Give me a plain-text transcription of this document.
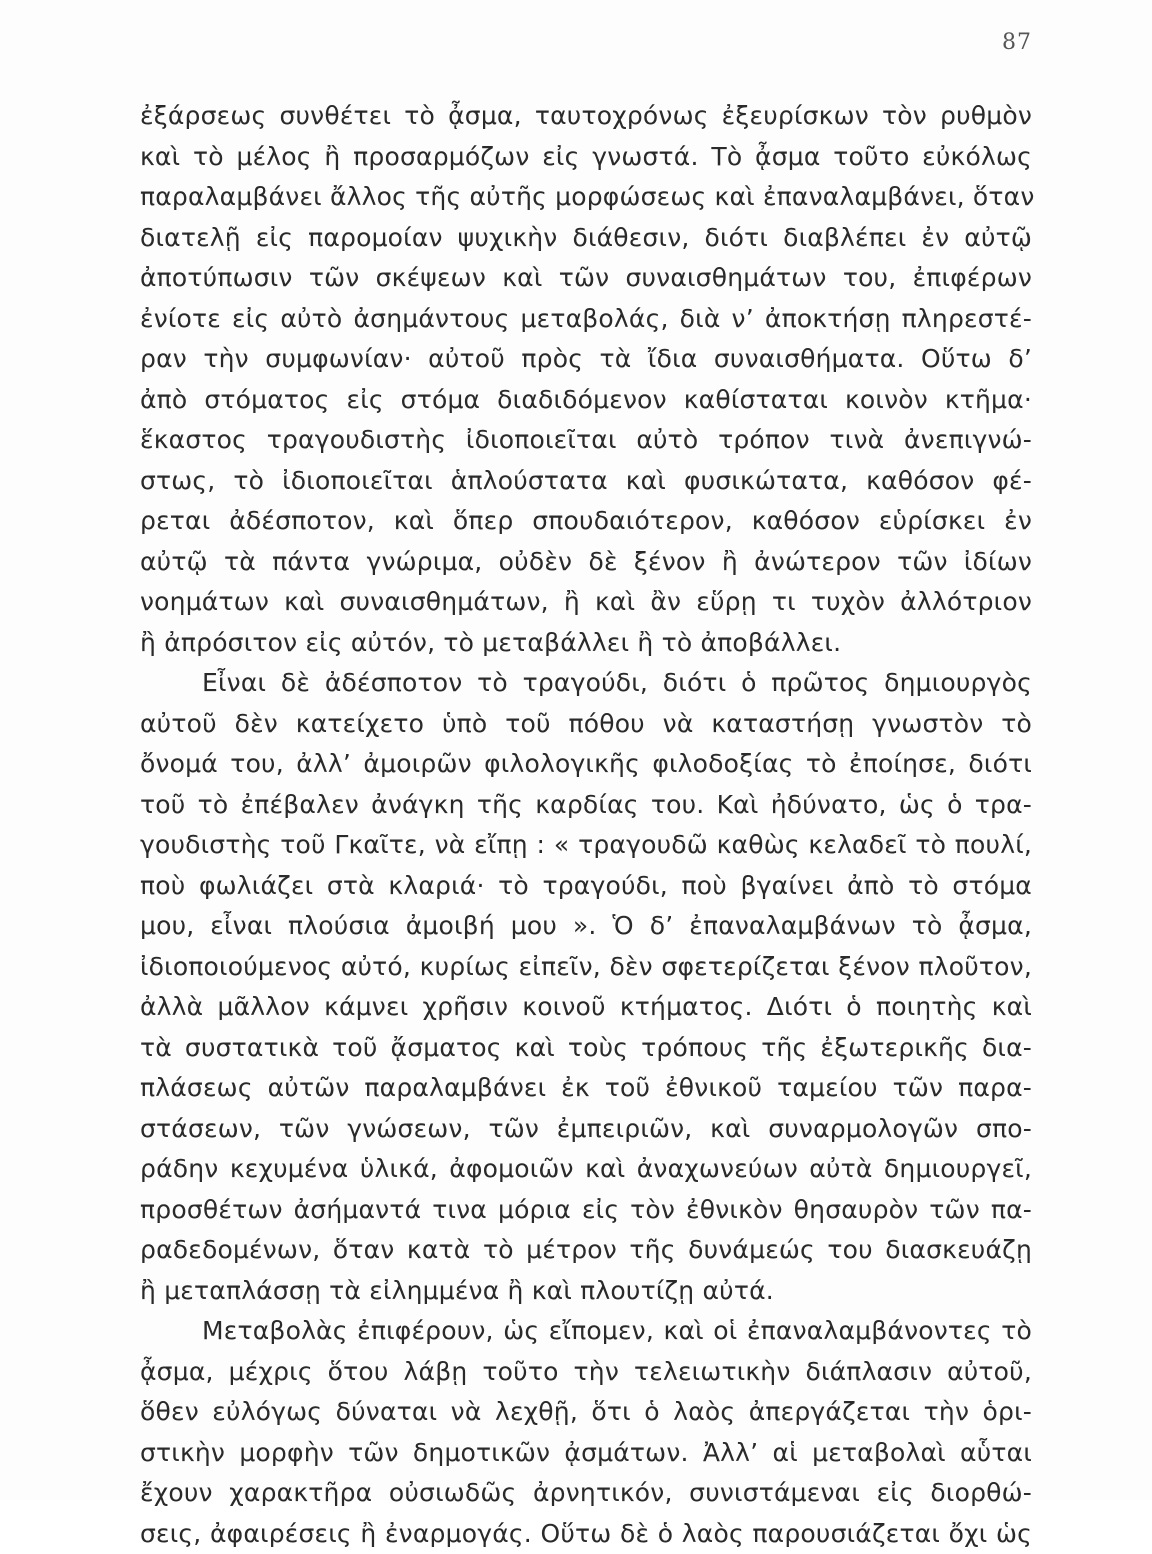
87
ἐξάρσεως συνθέτει τὸ ᾆσμα, ταυτοχρόνως ἐξευρίσκων τὸν ρυθμὸν
καὶ τὸ μέλος ἢ προσαρμόζων εἰς γνωστά. Τὸ ᾆσμα τοῦτο εὐκόλως
παραλαμβάνει ἄλλος τῆς αὐτῆς μορφώσεως καὶ ἐπαναλαμβάνει, ὅταν
διατελῇ εἰς παρομοίαν ψυχικὴν διάθεσιν, διότι διαβλέπει ἐν αὐτῷ
ἀποτύπωσιν τῶν σκέψεων καὶ τῶν συναισθημάτων του, ἐπιφέρων
ἐνίοτε εἰς αὐτὸ ἀσημάντους μεταβολάς, διὰ ν’ ἀποκτήσῃ πληρεστέ-
ραν τὴν συμφωνίαν· αὐτοῦ πρὸς τὰ ἴδια συναισθήματα. Οὕτω δ’
ἀπὸ στόματος εἰς στόμα διαδιδόμενον καθίσταται κοινὸν κτῆμα·
ἕκαστος τραγουδιστὴς ἰδιοποιεῖται αὐτὸ τρόπον τινὰ ἀνεπιγνώ-
στως, τὸ ἰδιοποιεῖται ἁπλούστατα καὶ φυσικώτατα, καθόσον φέ-
ρεται ἀδέσποτον, καὶ ὅπερ σπουδαιότερον, καθόσον εὑρίσκει ἐν
αὐτῷ τὰ πάντα γνώριμα, οὐδὲν δὲ ξένον ἢ ἀνώτερον τῶν ἰδίων
νοημάτων καὶ συναισθημάτων, ἢ καὶ ἂν εὕρῃ τι τυχὸν ἀλλότριον
ἢ ἀπρόσιτον εἰς αὐτόν, τὸ μεταβάλλει ἢ τὸ ἀποβάλλει.
Εἶναι δὲ ἀδέσποτον τὸ τραγούδι, διότι ὁ πρῶτος δημιουργὸς
αὐτοῦ δὲν κατείχετο ὑπὸ τοῦ πόθου νὰ καταστήσῃ γνωστὸν τὸ
ὄνομά του, ἀλλ’ ἀμοιρῶν φιλολογικῆς φιλοδοξίας τὸ ἐποίησε, διότι
τοῦ τὸ ἐπέβαλεν ἀνάγκη τῆς καρδίας του. Καὶ ἠδύνατο, ὡς ὁ τρα-
γουδιστὴς τοῦ Γκαῖτε, νὰ εἴπῃ : « τραγουδῶ καθὼς κελαδεῖ τὸ πουλί,
ποὺ φωλιάζει στὰ κλαριά· τὸ τραγούδι, ποὺ βγαίνει ἀπὸ τὸ στόμα
μου, εἶναι πλούσια ἀμοιβή μου ». Ὁ δ’ ἐπαναλαμβάνων τὸ ᾆσμα,
ἰδιοποιούμενος αὐτό, κυρίως εἰπεῖν, δὲν σφετερίζεται ξένον πλοῦτον,
ἀλλὰ μᾶλλον κάμνει χρῆσιν κοινοῦ κτήματος. Διότι ὁ ποιητὴς καὶ
τὰ συστατικὰ τοῦ ᾄσματος καὶ τοὺς τρόπους τῆς ἐξωτερικῆς δια-
πλάσεως αὐτῶν παραλαμβάνει ἐκ τοῦ ἐθνικοῦ ταμείου τῶν παρα-
στάσεων, τῶν γνώσεων, τῶν ἐμπειριῶν, καὶ συναρμολογῶν σπο-
ράδην κεχυμένα ὑλικά, ἀφομοιῶν καὶ ἀναχωνεύων αὐτὰ δημιουργεῖ,
προσθέτων ἀσήμαντά τινα μόρια εἰς τὸν ἐθνικὸν θησαυρὸν τῶν πα-
ραδεδομένων, ὅταν κατὰ τὸ μέτρον τῆς δυνάμεώς του διασκευάζῃ
ἢ μεταπλάσσῃ τὰ εἰλημμένα ἢ καὶ πλουτίζῃ αὐτά.
Μεταβολὰς ἐπιφέρουν, ὡς εἴπομεν, καὶ οἱ ἐπαναλαμβάνοντες τὸ
ᾆσμα, μέχρις ὅτου λάβῃ τοῦτο τὴν τελειωτικὴν διάπλασιν αὐτοῦ,
ὅθεν εὐλόγως δύναται νὰ λεχθῇ, ὅτι ὁ λαὸς ἀπεργάζεται τὴν ὁρι-
στικὴν μορφὴν τῶν δημοτικῶν ᾀσμάτων. Ἀλλ’ αἱ μεταβολαὶ αὗται
ἔχουν χαρακτῆρα οὐσιωδῶς ἀρνητικόν, συνιστάμεναι εἰς διορθώ-
σεις, ἀφαιρέσεις ἢ ἐναρμογάς. Οὕτω δὲ ὁ λαὸς παρουσιάζεται ὄχι ὡς
